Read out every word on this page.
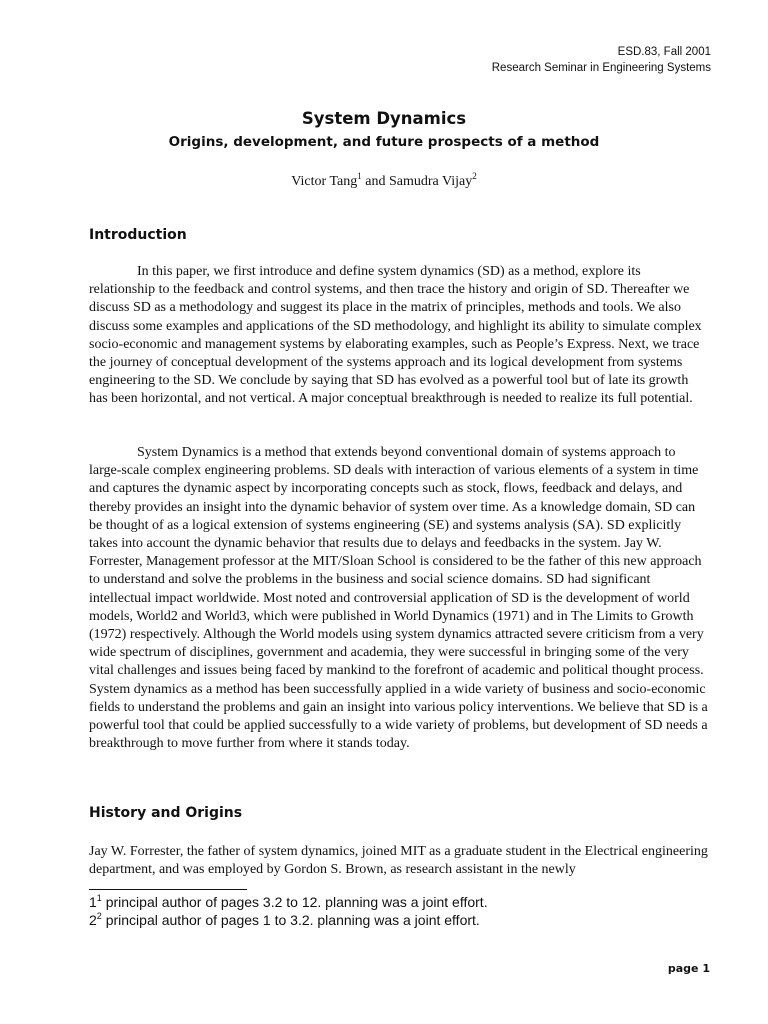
ESD.83, Fall 2001
Research Seminar in Engineering Systems
System Dynamics
Origins, development, and future prospects of a method
Victor Tang$^1$ and Samudra Vijay$^2$
Introduction

In this paper, we first introduce and define system dynamics (SD) as a method, explore its relationship to the feedback and control systems, and then trace the history and origin of SD. Thereafter we discuss SD as a methodology and suggest its place in the matrix of principles, methods and tools. We also discuss some examples and applications of the SD methodology, and highlight its ability to simulate complex socio-economic and management systems by elaborating examples, such as People’s Express. Next, we trace the journey of conceptual development of the systems approach and its logical development from systems engineering to the SD. We conclude by saying that SD has evolved as a powerful tool but of late its growth has been horizontal, and not vertical. A major conceptual breakthrough is needed to realize its full potential.

System Dynamics is a method that extends beyond conventional domain of systems approach to large-scale complex engineering problems. SD deals with interaction of various elements of a system in time and captures the dynamic aspect by incorporating concepts such as stock, flows, feedback and delays, and thereby provides an insight into the dynamic behavior of system over time. As a knowledge domain, SD can be thought of as a logical extension of systems engineering (SE) and systems analysis (SA). SD explicitly takes into account the dynamic behavior that results due to delays and feedbacks in the system. Jay W. Forrester, Management professor at the MIT/Sloan School is considered to be the father of this new approach to understand and solve the problems in the business and social science domains. SD had significant intellectual impact worldwide. Most noted and controversial application of SD is the development of world models, World2 and World3, which were published in World Dynamics (1971) and in The Limits to Growth (1972) respectively. Although the World models using system dynamics attracted severe criticism from a very wide spectrum of disciplines, government and academia, they were successful in bringing some of the very vital challenges and issues being faced by mankind to the forefront of academic and political thought process. System dynamics as a method has been successfully applied in a wide variety of business and socio-economic fields to understand the problems and gain an insight into various policy interventions. We believe that SD is a powerful tool that could be applied successfully to a wide variety of problems, but development of SD needs a breakthrough to move further from where it stands today.

History and Origins

Jay W. Forrester, the father of system dynamics, joined MIT as a graduate student in the Electrical engineering department, and was employed by Gordon S. Brown, as research assistant in the newly

$1^1$ principal author of pages 3.2 to 12. planning was a joint effort.
$2^2$ principal author of pages 1 to 3.2. planning was a joint effort.
page 1
